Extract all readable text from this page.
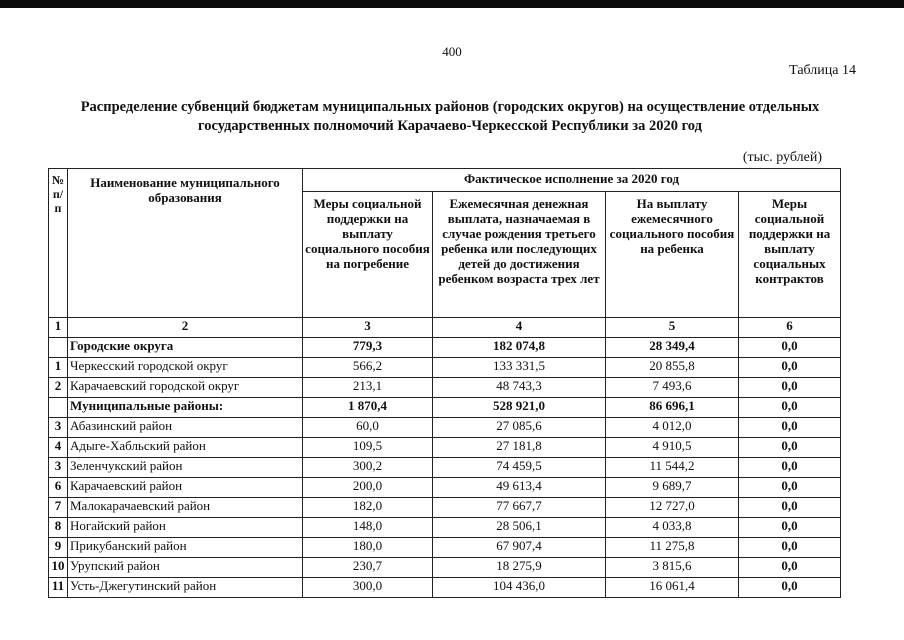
400
Таблица 14
Распределение субвенций бюджетам муниципальных районов (городских округов) на осуществление отдельных
государственных полномочий Карачаево-Черкесской Республики за 2020 год
(тыс. рублей)
№ п/п	Наименование муниципального образования	Фактическое исполнение за 2020 год			
		Меры социальной поддержки на выплату социального пособия на погребение	Ежемесячная денежная выплата, назначаемая в случае рождения третьего ребенка или последующих детей до достижения ребенком возраста трех лет	На выплату ежемесячного социального пособия на ребенка	Меры социальной поддержки на выплату социальных контрактов
1	2	3	4	5	6
	Городские округа	779,3	182 074,8	28 349,4	0,0
1	Черкесский городской округ	566,2	133 331,5	20 855,8	0,0
2	Карачаевский городской округ	213,1	48 743,3	7 493,6	0,0
	Муниципальные районы:	1 870,4	528 921,0	86 696,1	0,0
3	Абазинский район	60,0	27 085,6	4 012,0	0,0
4	Адыге-Хабльский район	109,5	27 181,8	4 910,5	0,0
3	Зеленчукский район	300,2	74 459,5	11 544,2	0,0
6	Карачаевский район	200,0	49 613,4	9 689,7	0,0
7	Малокарачаевский район	182,0	77 667,7	12 727,0	0,0
8	Ногайский район	148,0	28 506,1	4 033,8	0,0
9	Прикубанский район	180,0	67 907,4	11 275,8	0,0
10	Урупский район	230,7	18 275,9	3 815,6	0,0
11	Усть-Джегутинский район	300,0	104 436,0	16 061,4	0,0
